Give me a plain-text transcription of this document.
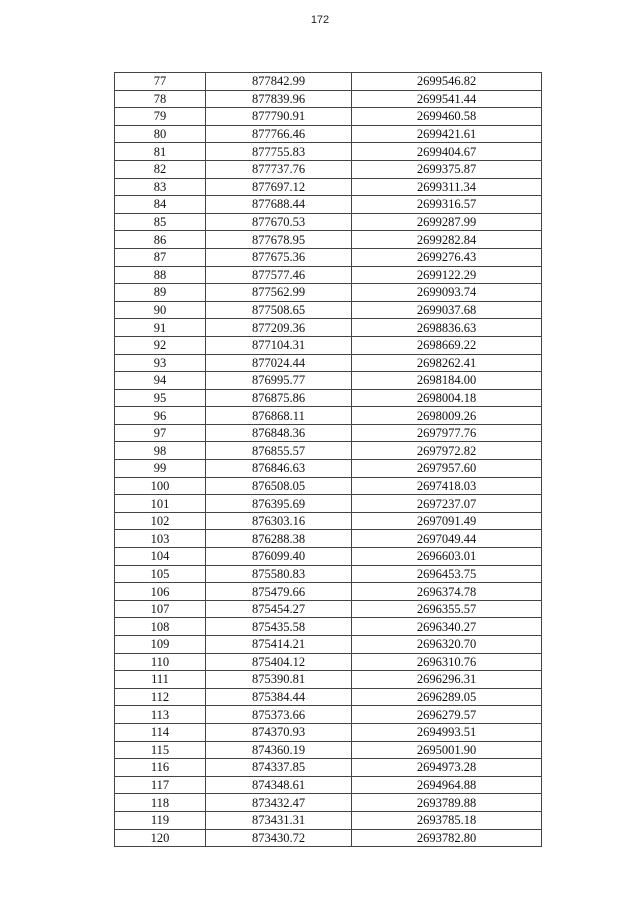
172
77	877842.99	2699546.82
78	877839.96	2699541.44
79	877790.91	2699460.58
80	877766.46	2699421.61
81	877755.83	2699404.67
82	877737.76	2699375.87
83	877697.12	2699311.34
84	877688.44	2699316.57
85	877670.53	2699287.99
86	877678.95	2699282.84
87	877675.36	2699276.43
88	877577.46	2699122.29
89	877562.99	2699093.74
90	877508.65	2699037.68
91	877209.36	2698836.63
92	877104.31	2698669.22
93	877024.44	2698262.41
94	876995.77	2698184.00
95	876875.86	2698004.18
96	876868.11	2698009.26
97	876848.36	2697977.76
98	876855.57	2697972.82
99	876846.63	2697957.60
100	876508.05	2697418.03
101	876395.69	2697237.07
102	876303.16	2697091.49
103	876288.38	2697049.44
104	876099.40	2696603.01
105	875580.83	2696453.75
106	875479.66	2696374.78
107	875454.27	2696355.57
108	875435.58	2696340.27
109	875414.21	2696320.70
110	875404.12	2696310.76
111	875390.81	2696296.31
112	875384.44	2696289.05
113	875373.66	2696279.57
114	874370.93	2694993.51
115	874360.19	2695001.90
116	874337.85	2694973.28
117	874348.61	2694964.88
118	873432.47	2693789.88
119	873431.31	2693785.18
120	873430.72	2693782.80
